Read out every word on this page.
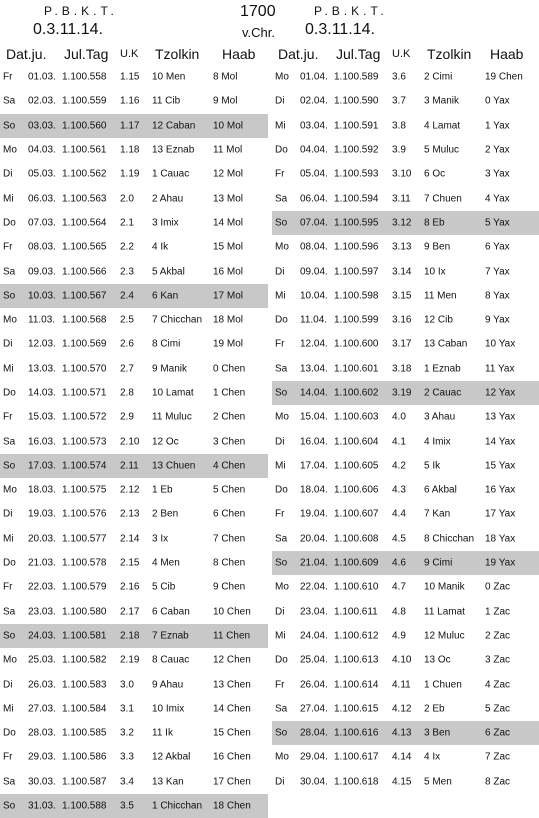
P.B.K.T.
0.3.11.14.
1700
v.Chr.
P.B.K.T.
0.3.11.14.
Dat.ju. Jul.Tag U.K Tzolkin Haab Dat.ju. Jul.Tag U.K Tzolkin Haab
Fr 01.03. 1.100.558 1.15 10 Men	8 Mol
Sa 02.03. 1.100.559 1.16 11 Cib	9 Mol
So 03.03. 1.100.560 1.17 12 Caban 10 Mol
Mo 04.03. 1.100.561 1.18 13 Eznab 11 Mol
Di 05.03. 1.100.562 1.19 1 Cauac 12 Mol
Mi 06.03. 1.100.563 2.0 2 Ahau	13 Mol
Do 07.03. 1.100.564 2.1 3 Imix	14 Mol
Fr 08.03. 1.100.565 2.2 4 Ik	15 Mol
Sa 09.03. 1.100.566 2.3 5 Akbal	16 Mol
So 10.03. 1.100.567 2.4 6 Kan	17 Mol
Mo 11.03. 1.100.568 2.5 7 Chicchan 18 Mol
Di 12.03. 1.100.569 2.6 8 Cimi	19 Mol
Mi 13.03. 1.100.570 2.7 9 Manik	0 Chen
Do 14.03. 1.100.571 2.8 10 Lamat 1 Chen
Fr 15.03. 1.100.572 2.9 11 Muluc 2 Chen
Sa 16.03. 1.100.573 2.10 12 Oc	3 Chen
So 17.03. 1.100.574 2.11 13 Chuen 4 Chen
Mo 18.03. 1.100.575 2.12 1 Eb	5 Chen
Di 19.03. 1.100.576 2.13 2 Ben	6 Chen
Mi 20.03. 1.100.577 2.14 3 Ix	7 Chen
Do 21.03. 1.100.578 2.15 4 Men	8 Chen
Fr 22.03. 1.100.579 2.16 5 Cib	9 Chen
Sa 23.03. 1.100.580 2.17 6 Caban 10 Chen
So 24.03. 1.100.581 2.18 7 Eznab 11 Chen
Mo 25.03. 1.100.582 2.19 8 Cauac 12 Chen
Di 26.03. 1.100.583 3.0 9 Ahau	13 Chen
Mi 27.03. 1.100.584 3.1 10 Imix	14 Chen
Do 28.03. 1.100.585 3.2 11 Ik	15 Chen
Fr 29.03. 1.100.586 3.3 12 Akbal 16 Chen
Sa 30.03. 1.100.587 3.4 13 Kan	17 Chen
So 31.03. 1.100.588 3.5 1 Chicchan 18 Chen
Mo 01.04. 1.100.589 3.6 2 Cimi	19 Chen
Di 02.04. 1.100.590 3.7 3 Manik	0 Yax
Mi 03.04. 1.100.591 3.8 4 Lamat 1 Yax
Do 04.04. 1.100.592 3.9 5 Muluc	2 Yax
Fr 05.04. 1.100.593 3.10 6 Oc	3 Yax
Sa 06.04. 1.100.594 3.11 7 Chuen 4 Yax
So 07.04. 1.100.595 3.12 8 Eb	5 Yax
Mo 08.04. 1.100.596 3.13 9 Ben	6 Yax
Di 09.04. 1.100.597 3.14 10 Ix	7 Yax
Mi 10.04. 1.100.598 3.15 11 Men	8 Yax
Do 11.04. 1.100.599 3.16 12 Cib	9 Yax
Fr 12.04. 1.100.600 3.17 13 Caban 10 Yax
Sa 13.04. 1.100.601 3.18 1 Eznab 11 Yax
So 14.04. 1.100.602 3.19 2 Cauac 12 Yax
Mo 15.04. 1.100.603 4.0 3 Ahau	13 Yax
Di 16.04. 1.100.604 4.1 4 Imix	14 Yax
Mi 17.04. 1.100.605 4.2 5 Ik	15 Yax
Do 18.04. 1.100.606 4.3 6 Akbal	16 Yax
Fr 19.04. 1.100.607 4.4 7 Kan	17 Yax
Sa 20.04. 1.100.608 4.5 8 Chicchan 18 Yax
So 21.04. 1.100.609 4.6 9 Cimi	19 Yax
Mo 22.04. 1.100.610 4.7 10 Manik 0 Zac
Di 23.04. 1.100.611 4.8 11 Lamat 1 Zac
Mi 24.04. 1.100.612 4.9 12 Muluc 2 Zac
Do 25.04. 1.100.613 4.10 13 Oc	3 Zac
Fr 26.04. 1.100.614 4.11 1 Chuen 4 Zac
Sa 27.04. 1.100.615 4.12 2 Eb	5 Zac
So 28.04. 1.100.616 4.13 3 Ben	6 Zac
Mo 29.04. 1.100.617 4.14 4 Ix	7 Zac
Di 30.04. 1.100.618 4.15 5 Men	8 Zac
